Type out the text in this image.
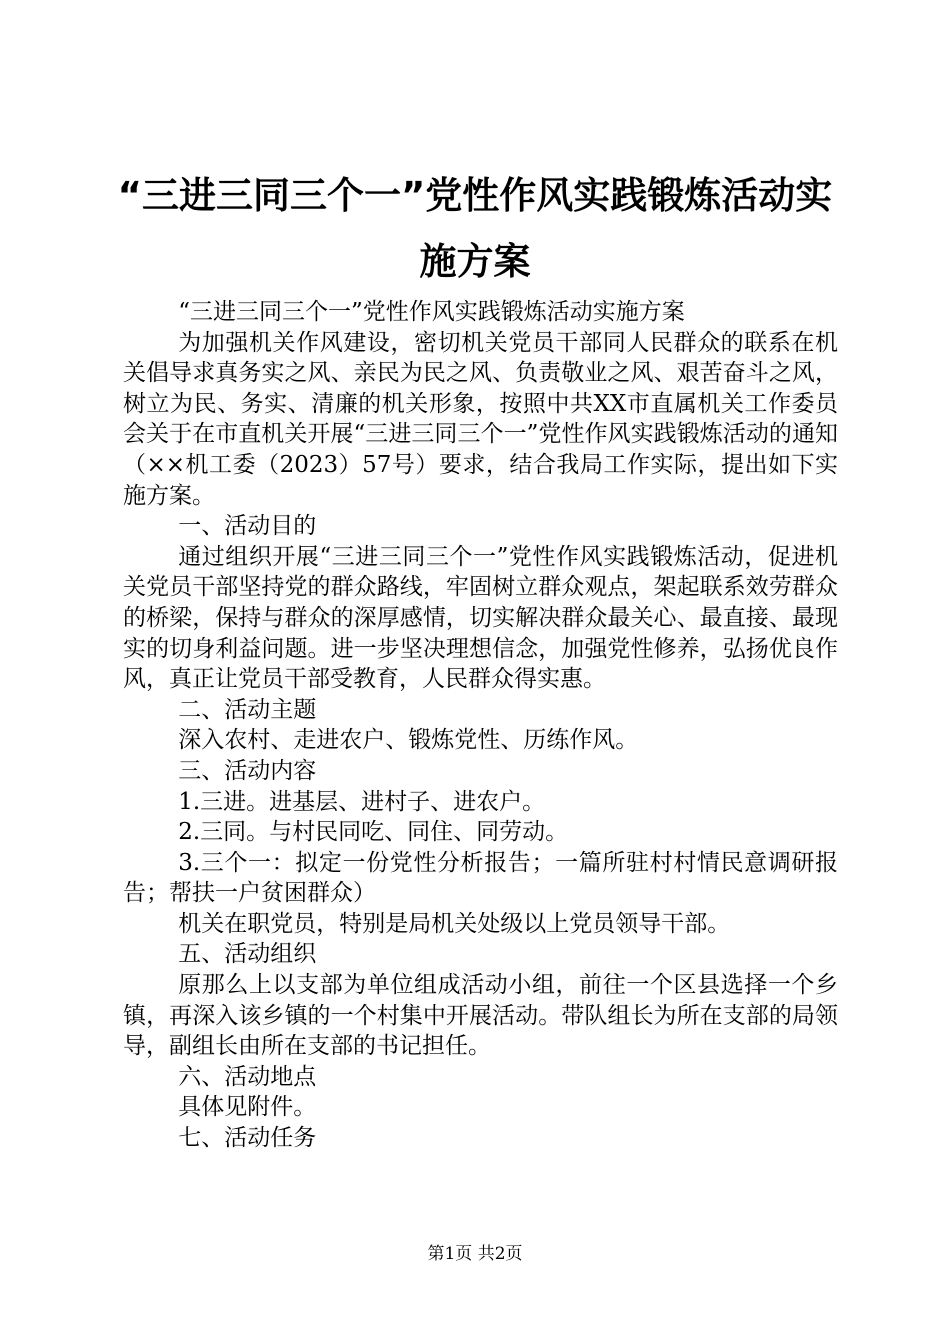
“三进三同三个一”党性作风实践锻炼活动实
施方案

“三进三同三个一”党性作风实践锻炼活动实施方案

为加强机关作风建设，密切机关党员干部同人民群众的联系在机关倡导求真务实之风、亲民为民之风、负责敬业之风、艰苦奋斗之风，树立为民、务实、清廉的机关形象，按照中共XX市直属机关工作委员会关于在市直机关开展“三进三同三个一”党性作风实践锻炼活动的通知（××机工委（2023）57号）要求，结合我局工作实际，提出如下实施方案。

一、活动目的

通过组织开展“三进三同三个一”党性作风实践锻炼活动，促进机关党员干部坚持党的群众路线，牢固树立群众观点，架起联系效劳群众的桥梁，保持与群众的深厚感情，切实解决群众最关心、最直接、最现实的切身利益问题。进一步坚决理想信念，加强党性修养，弘扬优良作风，真正让党员干部受教育，人民群众得实惠。

二、活动主题

深入农村、走进农户、锻炼党性、历练作风。

三、活动内容

1.三进。进基层、进村子、进农户。

2.三同。与村民同吃、同住、同劳动。

3.三个一：拟定一份党性分析报告；一篇所驻村村情民意调研报告；帮扶一户贫困群众）

机关在职党员，特别是局机关处级以上党员领导干部。

五、活动组织

原那么上以支部为单位组成活动小组，前往一个区县选择一个乡镇，再深入该乡镇的一个村集中开展活动。带队组长为所在支部的局领导，副组长由所在支部的书记担任。

六、活动地点

具体见附件。

七、活动任务

第1页 共2页
